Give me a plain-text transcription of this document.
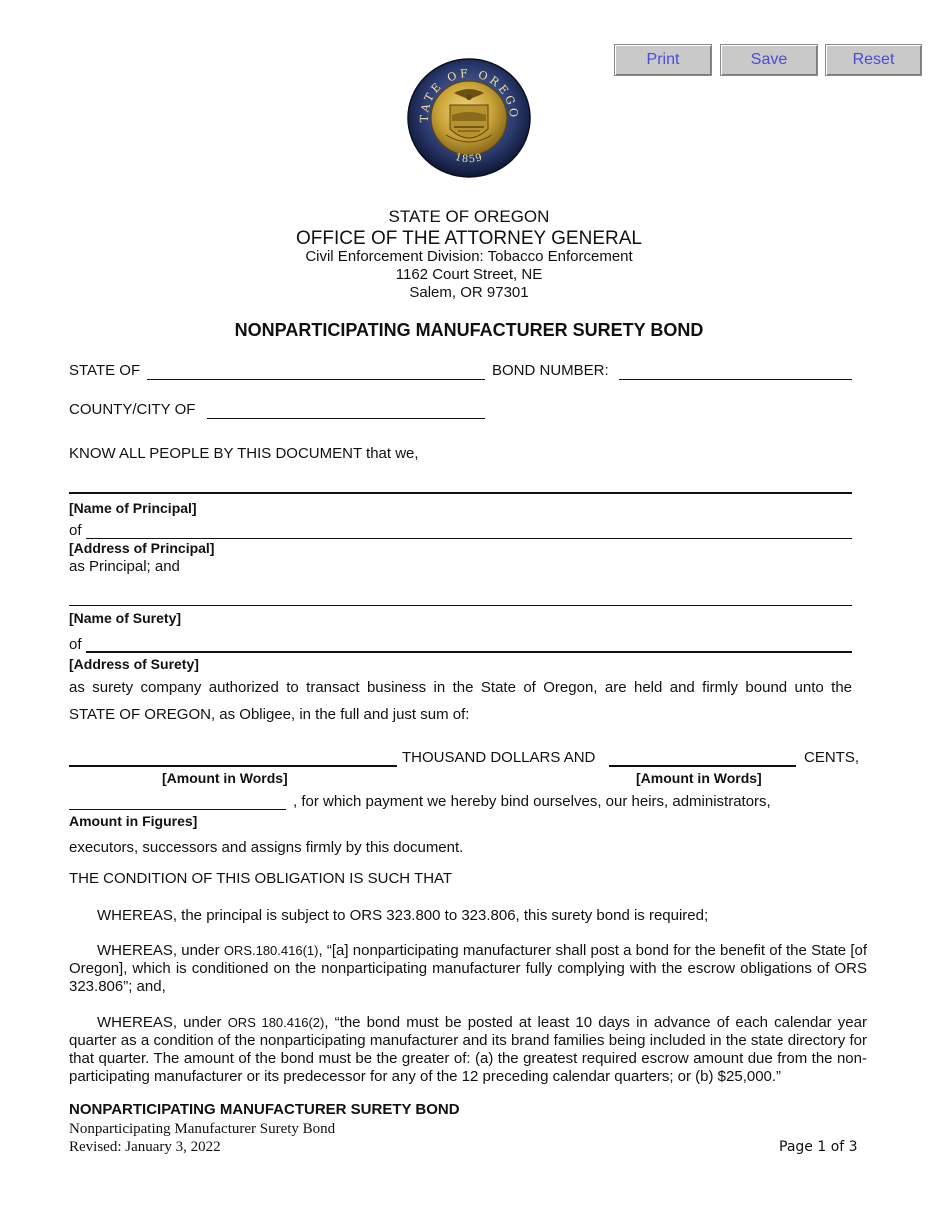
Print	Save	Reset
TATE OF OREGO
1859
STATE OF OREGON
OFFICE OF THE ATTORNEY GENERAL
Civil Enforcement Division: Tobacco Enforcement
1162 Court Street, NE
Salem, OR 97301
NONPARTICIPATING MANUFACTURER SURETY BOND
STATE OF	BOND NUMBER:
COUNTY/CITY OF
KNOW ALL PEOPLE BY THIS DOCUMENT that we,
[Name of Principal]
of
[Address of Principal]
as Principal; and
[Name of Surety]
of
[Address of Surety]
as surety company authorized to transact business in the State of Oregon, are held and firmly bound unto the
STATE OF OREGON, as Obligee, in the full and just sum of:
THOUSAND DOLLARS AND	CENTS,
[Amount in Words]	[Amount in Words]
, for which payment we hereby bind ourselves, our heirs, administrators,
Amount in Figures]
executors, successors and assigns firmly by this document.
THE CONDITION OF THIS OBLIGATION IS SUCH THAT
WHEREAS, the principal is subject to ORS 323.800 to 323.806, this surety bond is required;
WHEREAS, under ORS.180.416(1), “[a] nonparticipating manufacturer shall post a bond for the benefit of the State [of Oregon], which is conditioned on the nonparticipating manufacturer fully complying with the escrow obligations of ORS 323.806”; and,
WHEREAS, under ORS 180.416(2), “the bond must be posted at least 10 days in advance of each calendar year quarter as a condition of the nonparticipating manufacturer and its brand families being included in the state directory for that quarter. The amount of the bond must be the greater of: (a) the greatest required escrow amount due from the non-participating manufacturer or its predecessor for any of the 12 preceding calendar quarters; or (b) $25,000.”
NONPARTICIPATING MANUFACTURER SURETY BOND
Nonparticipating Manufacturer Surety Bond
Revised: January 3, 2022	Page 1 of 3
